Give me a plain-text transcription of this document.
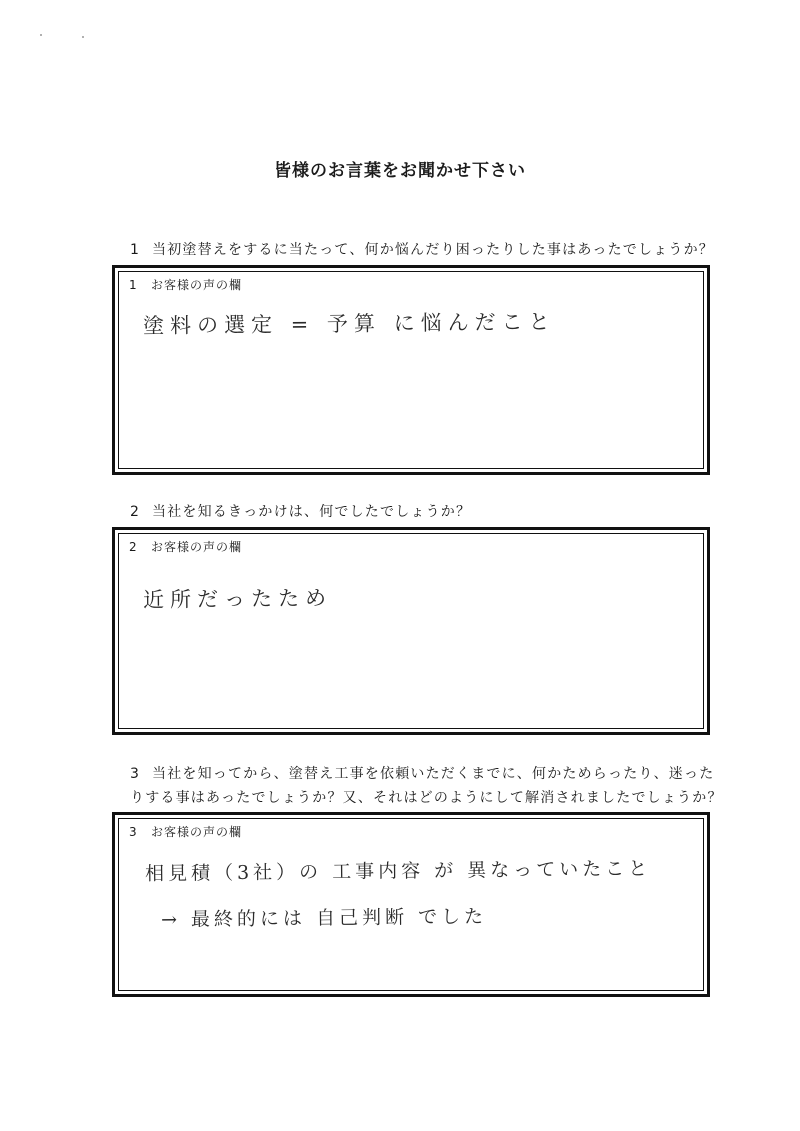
皆様のお言葉をお聞かせ下さい
1 当初塗替えをするに当たって、何か悩んだり困ったりした事はあったでしょうか？
1 お客様の声の欄
塗料の選定 = 予算 に悩んだこと
2 当社を知るきっかけは、何でしたでしょうか？
2 お客様の声の欄
近所だったため
3 当社を知ってから、塗替え工事を依頼いただくまでに、何かためらったり、迷った
りする事はあったでしょうか？又、それはどのようにして解消されましたでしょうか？
3 お客様の声の欄
相見積（3社）の 工事内容 が 異なっていたこと
→ 最終的には 自己判断 でした
